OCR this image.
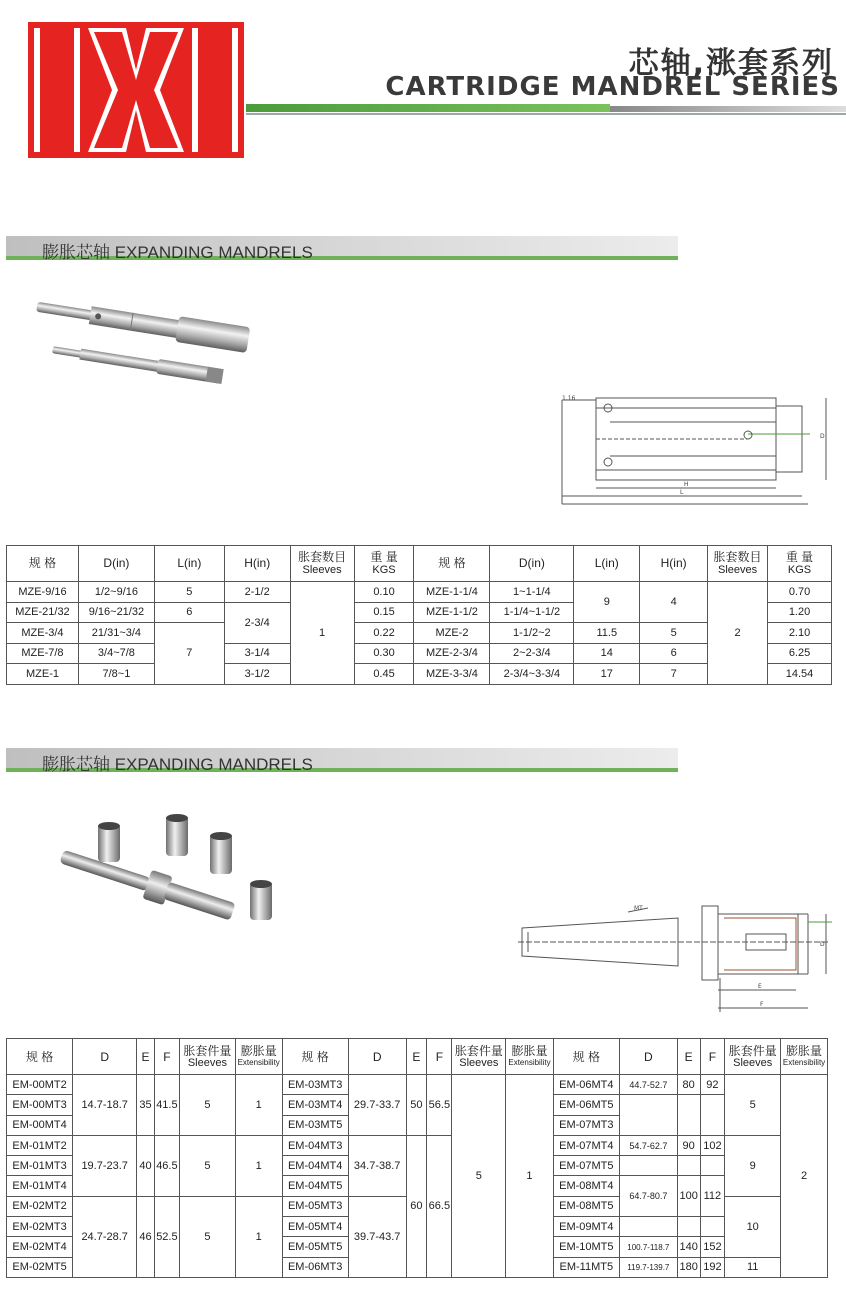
芯轴,涨套系列
CARTRIDGE MANDREL SERIES
膨胀芯轴 EXPANDING MANDRELS
1.16
H
L
D
规 格	D(in)	L(in)	H(in)	胀套数目
Sleeves	重 量
KGS	规 格	D(in)	L(in)	H(in)	胀套数目
Sleeves	重 量
KGS

MZE-9/16	1/2~9/16	5	2-1/2	1	0.10	MZE-1-1/4	1~1-1/4	9	4	2	0.70
MZE-21/32	9/16~21/32	6	2-3/4		0.15	MZE-1-1/2	1-1/4~1-1/2				1.20
MZE-3/4	21/31~3/4	7			0.22	MZE-2	1-1/2~2	11.5	5		2.10
MZE-7/8	3/4~7/8		3-1/4		0.30	MZE-2-3/4	2~2-3/4	14	6		6.25
MZE-1	7/8~1		3-1/2		0.45	MZE-3-3/4	2-3/4~3-3/4	17	7		14.54
膨胀芯轴 EXPANDING MANDRELS
MT
E
F
D
规 格	D	E	F	胀套件量
Sleeves	膨胀量
Extensibility	规 格	D	E	F	胀套件量
Sleeves	膨胀量
Extensibility	规 格	D	E	F	胀套件量
Sleeves	膨胀量
Extensibility

EM-00MT2	14.7-18.7	35	41.5	5	1	EM-03MT3	29.7-33.7	50	56.5	5	1	EM-06MT4	44.7-52.7	80	92	5	2
EM-00MT3						EM-03MT4						EM-06MT5					
EM-00MT4						EM-03MT5						EM-07MT3					
EM-01MT2	19.7-23.7	40	46.5	5	1	EM-04MT3	34.7-38.7	60	66.5			EM-07MT4	54.7-62.7	90	102	9	
EM-01MT3						EM-04MT4						EM-07MT5					
EM-01MT4						EM-04MT5						EM-08MT4	64.7-80.7	100	112		
EM-02MT2	24.7-28.7	46	52.5	5	1	EM-05MT3	39.7-43.7					EM-08MT5				10	
EM-02MT3						EM-05MT4						EM-09MT4					
EM-02MT4						EM-05MT5						EM-10MT5	100.7-118.7	140	152		
EM-02MT5						EM-06MT3						EM-11MT5	119.7-139.7	180	192	11	
